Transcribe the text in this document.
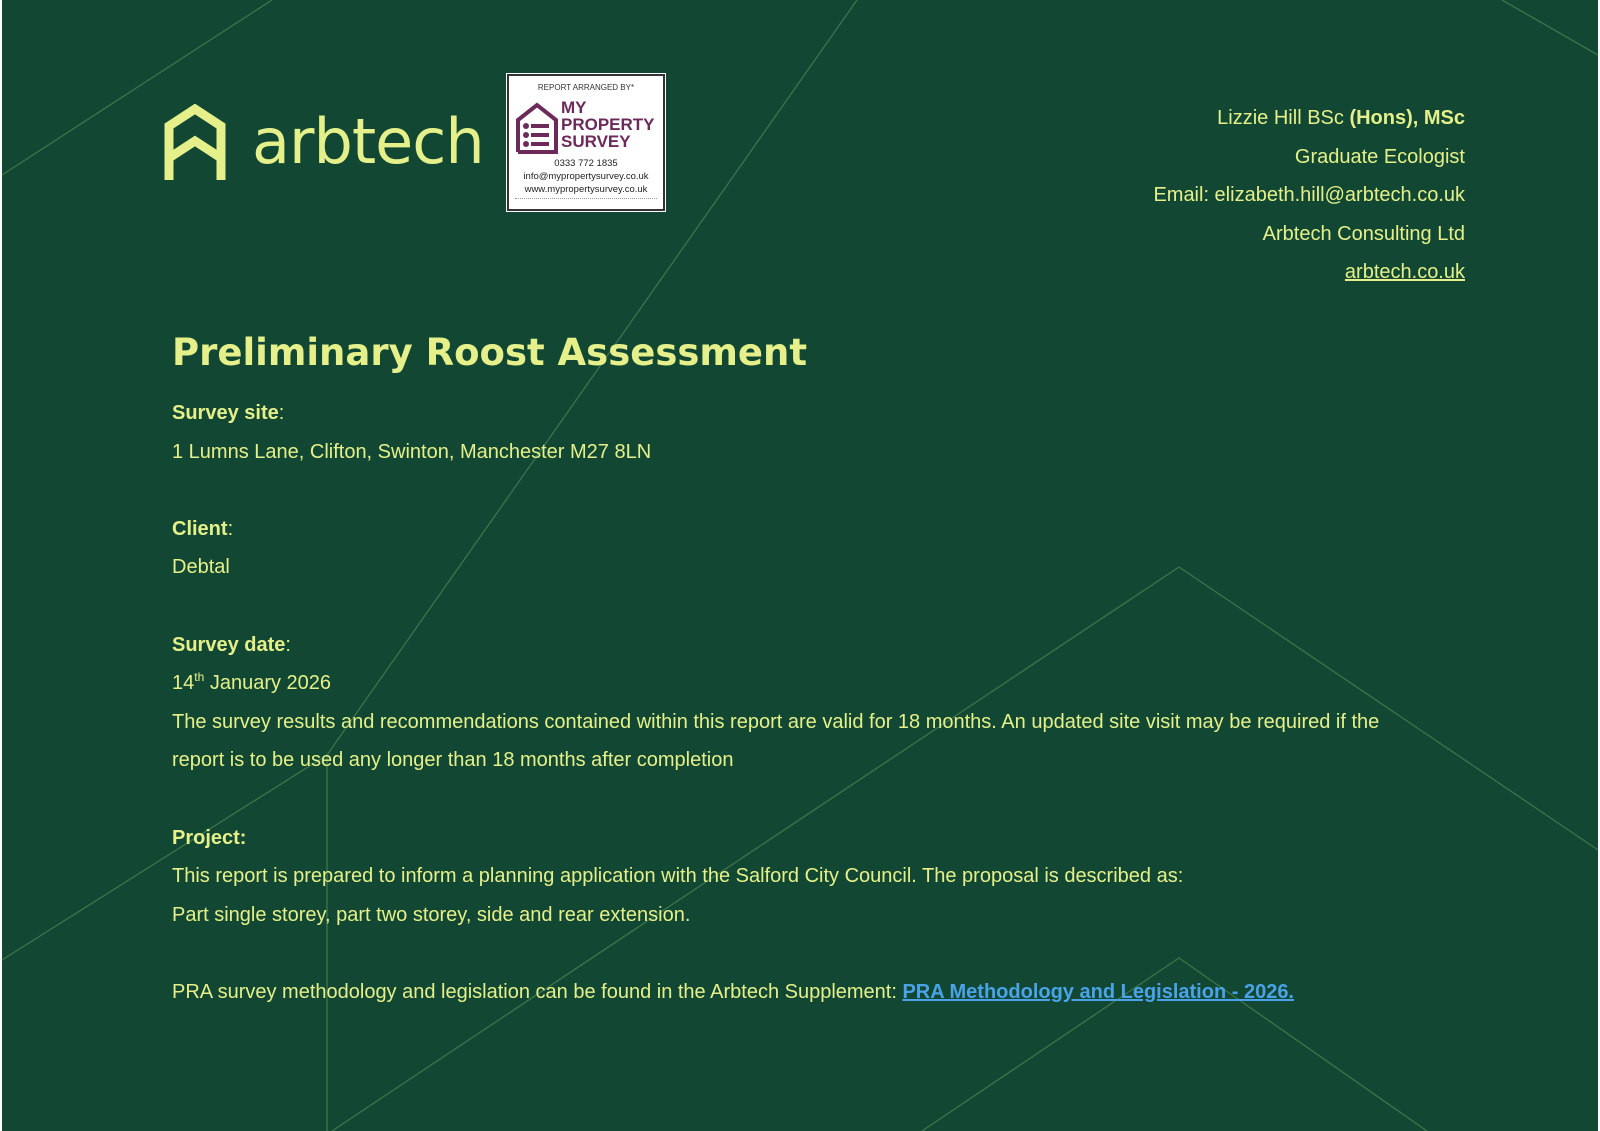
arbtech
REPORT ARRANGED BY*
MY
PROPERTY
SURVEY
0333 772 1835
info@mypropertysurvey.co.uk
www.mypropertysurvey.co.uk
Lizzie Hill BSc (Hons), MSc
Graduate Ecologist
Email: elizabeth.hill@arbtech.co.uk
Arbtech Consulting Ltd
arbtech.co.uk
Preliminary Roost Assessment
Survey site:
1 Lumns Lane, Clifton, Swinton, Manchester M27 8LN
Client:
Debtal
Survey date:
14th January 2026
The survey results and recommendations contained within this report are valid for 18 months. An updated site visit may be required if the
report is to be used any longer than 18 months after completion
Project:
This report is prepared to inform a planning application with the Salford City Council. The proposal is described as:
Part single storey, part two storey, side and rear extension.
PRA survey methodology and legislation can be found in the Arbtech Supplement: PRA Methodology and Legislation - 2026.
